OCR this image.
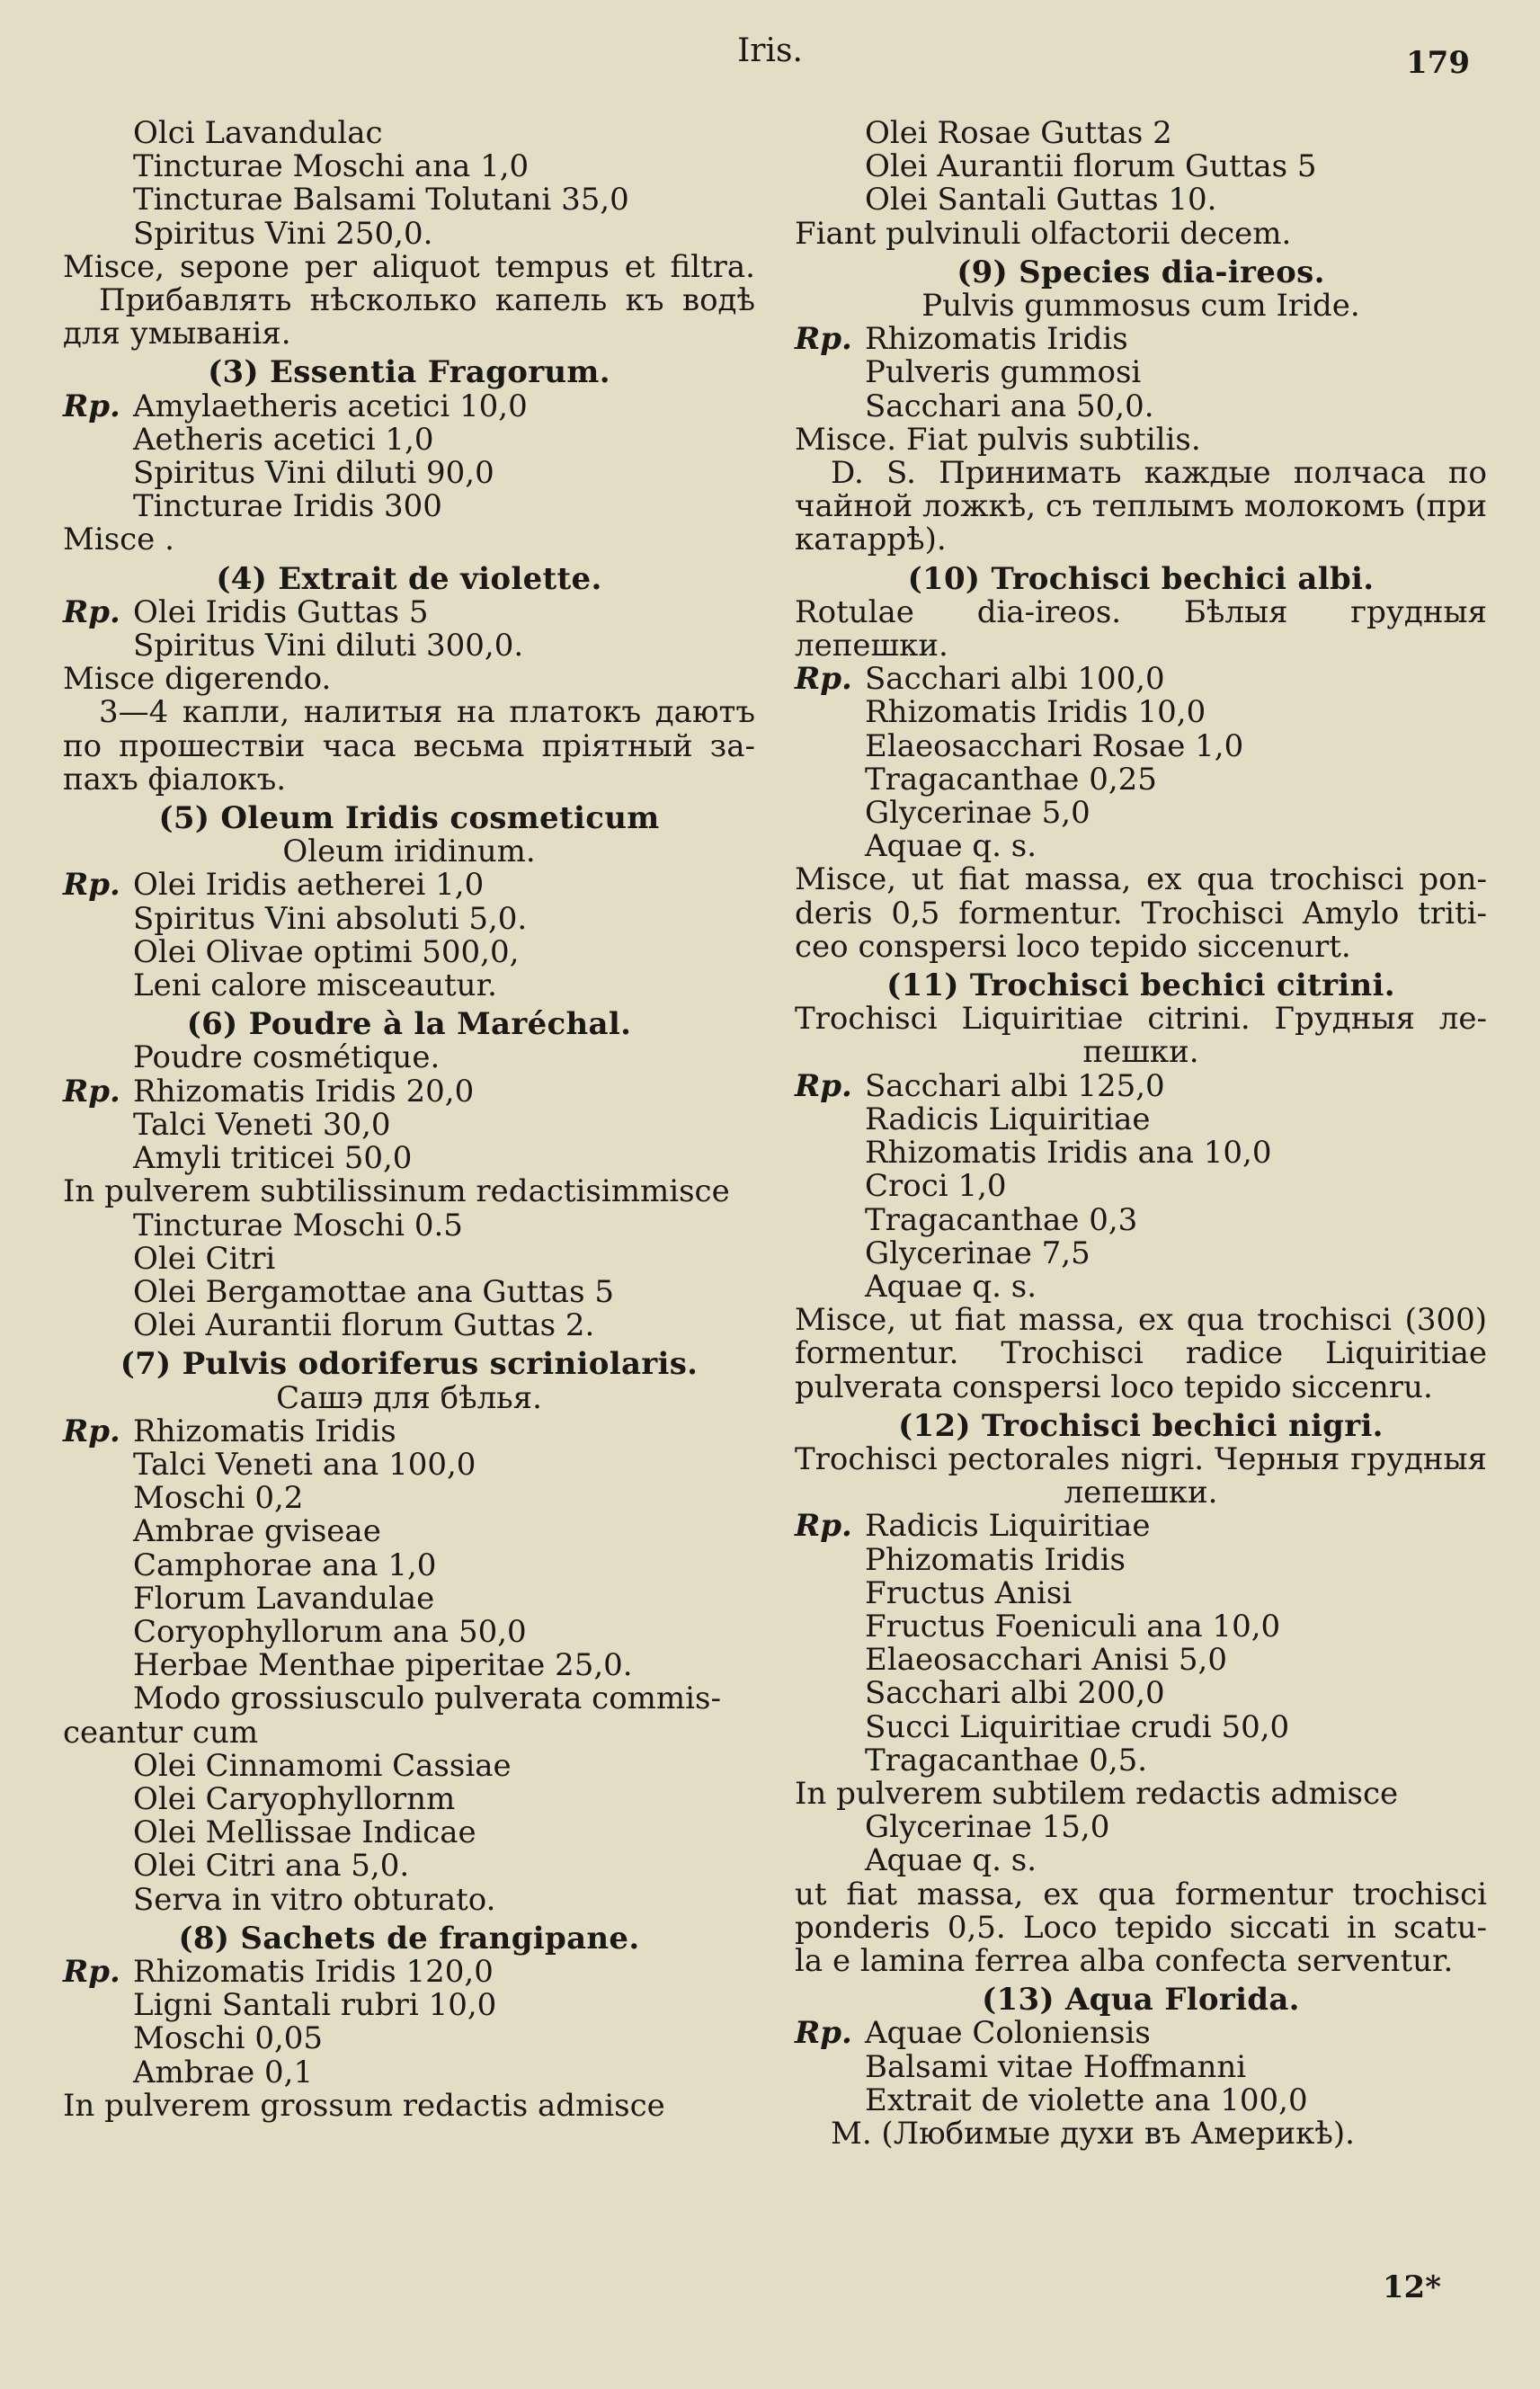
Iris.	179
Olci Lavandulac
Tincturae Moschi ana 1,0
Tincturae Balsami Tolutani 35,0
Spiritus Vini 250,0.
Misce, sepone per aliquot tempus et filtra.
Прибавлять нѣсколько капель къ водѣ
для умыванія.
(3) Essentia Fragorum.
Rp. Amylaetheris acetici 10,0
Aetheris acetici 1,0
Spiritus Vini diluti 90,0
Tincturae Iridis 300
Misce .
(4) Extrait de violette.
Rp. Olei Iridis Guttas 5
Spiritus Vini diluti 300,0.
Misce digerendo.
3—4 капли, налитыя на платокъ даютъ
по прошествіи часа весьма пріятный за-
пахъ фіалокъ.
(5) Oleum Iridis cosmeticum
Oleum iridinum.
Rp. Olei Iridis aetherei 1,0
Spiritus Vini absoluti 5,0.
Olei Olivae optimi 500,0,
Leni calore misceautur.
(6) Poudre à la Maréchal.
Poudre cosmétique.
Rp. Rhizomatis Iridis 20,0
Talci Veneti 30,0
Amyli triticei 50,0
In pulverem subtilissinum redactisimmisce
Tincturae Moschi 0.5
Olei Citri
Olei Bergamottae ana Guttas 5
Olei Aurantii florum Guttas 2.
(7) Pulvis odoriferus scriniolaris.
Сашэ для бѣлья.
Rp. Rhizomatis Iridis
Talci Veneti ana 100,0
Moschi 0,2
Ambrae gviseae
Camphorae ana 1,0
Florum Lavandulae
Coryophyllorum ana 50,0
Herbae Menthae piperitae 25,0.
Modo grossiusculo pulverata commis-
ceantur cum
Olei Cinnamomi Cassiae
Olei Caryophyllornm
Olei Mellissae Indicae
Olei Citri ana 5,0.
Serva in vitro obturato.
(8) Sachets de frangipane.
Rp. Rhizomatis Iridis 120,0
Ligni Santali rubri 10,0
Moschi 0,05
Ambrae 0,1
In pulverem grossum redactis admisce
Olei Rosae Guttas 2
Olei Aurantii florum Guttas 5
Olei Santali Guttas 10.
Fiant pulvinuli olfactorii decem.
(9) Species dia-ireos.
Pulvis gummosus cum Iride.
Rp. Rhizomatis Iridis
Pulveris gummosi
Sacchari ana 50,0.
Misce. Fiat pulvis subtilis.
D. S. Принимать каждые полчаса по
чайной ложкѣ, съ теплымъ молокомъ (при
катаррѣ).
(10) Trochisci bechici albi.
Rotulae dia-ireos. Бѣлыя грудныя лепешки.
Rp. Sacchari albi 100,0
Rhizomatis Iridis 10,0
Elaeosacchari Rosae 1,0
Tragacanthae 0,25
Glycerinae 5,0
Aquae q. s.
Misce, ut fiat massa, ex qua trochisci pon-
deris 0,5 formentur. Trochisci Amylo triti-
ceo conspersi loco tepido siccenurt.
(11) Trochisci bechici citrini.
Trochisci Liquiritiae citrini. Грудныя ле-
пешки.
Rp. Sacchari albi 125,0
Radicis Liquiritiae
Rhizomatis Iridis ana 10,0
Croci 1,0
Tragacanthae 0,3
Glycerinae 7,5
Aquae q. s.
Misce, ut fiat massa, ex qua trochisci (300)
formentur. Trochisci radice Liquiritiae
pulverata conspersi loco tepido siccenru.
(12) Trochisci bechici nigri.
Trochisci pectorales nigri. Черныя грудныя
лепешки.
Rp. Radicis Liquiritiae
Phizomatis Iridis
Fructus Anisi
Fructus Foeniculi ana 10,0
Elaeosacchari Anisi 5,0
Sacchari albi 200,0
Succi Liquiritiae crudi 50,0
Tragacanthae 0,5.
In pulverem subtilem redactis admisce
Glycerinae 15,0
Aquae q. s.
ut fiat massa, ex qua formentur trochisci
ponderis 0,5. Loco tepido siccati in scatu-
la e lamina ferrea alba confecta serventur.
(13) Aqua Florida.
Rp. Aquae Coloniensis
Balsami vitae Hoffmanni
Extrait de violette ana 100,0
M. (Любимые духи въ Америкѣ).
12*
